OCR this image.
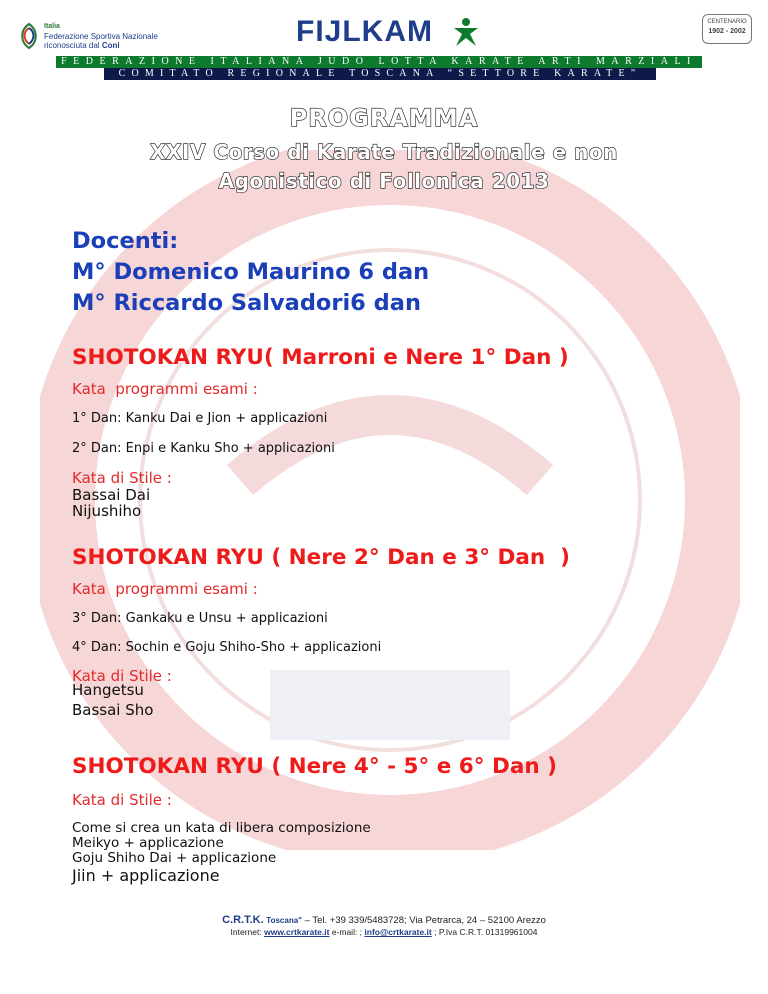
Italia
Federazione Sportiva Nazionale
riconosciuta dal Coni	FIJLKAM	CENTENARIO
1902 - 2002
FEDERAZIONE ITALIANA JUDO LOTTA KARATE ARTI MARZIALI
COMITATO REGIONALE TOSCANA “SETTORE KARATE”
PROGRAMMA
XXIV Corso di Karate Tradizionale e non
Agonistico di Follonica 2013
Docenti:
M° Domenico Maurino 6 dan
M° Riccardo Salvadori6 dan
SHOTOKAN RYU( Marroni e Nere 1° Dan )
Kata  programmi esami :
1° Dan: Kanku Dai e Jion + applicazioni
2° Dan: Enpi e Kanku Sho + applicazioni
Kata di Stile :
Bassai Dai
Nijushiho
SHOTOKAN RYU ( Nere 2° Dan e 3° Dan  )
Kata  programmi esami :
3° Dan: Gankaku e Unsu + applicazioni
4° Dan: Sochin e Goju Shiho-Sho + applicazioni
Kata di Stile :
Hangetsu
Bassai Sho
SHOTOKAN RYU ( Nere 4° - 5° e 6° Dan )
Kata di Stile :
Come si crea un kata di libera composizione
Meikyo + applicazione
Goju Shiho Dai + applicazione
Jiin + applicazione
C.R.T.K. Toscana" – Tel. +39 339/5483728; Via Petrarca, 24 – 52100 Arezzo
Internet: www.crtkarate.it e-mail: ; info@crtkarate.it ; P.Iva C.R.T. 01319961004
